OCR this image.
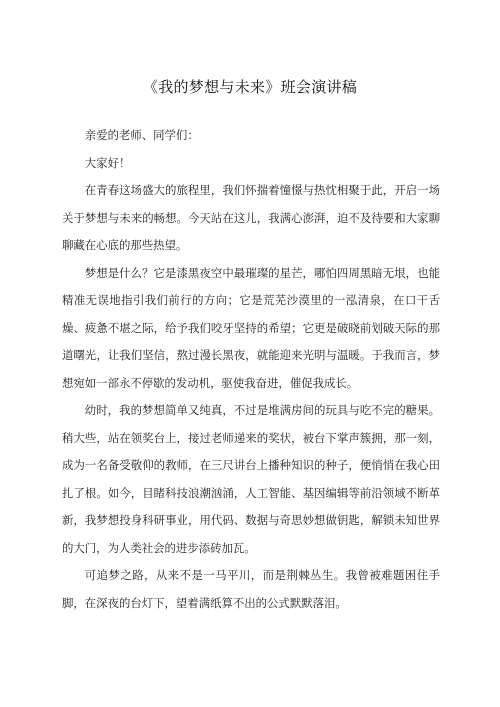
《我的梦想与未来》班会演讲稿

亲爱的老师、同学们：

大家好！

在青春这场盛大的旅程里，我们怀揣着憧憬与热忱相聚于此，开启一场关于梦想与未来的畅想。今天站在这儿，我满心澎湃，迫不及待要和大家聊聊藏在心底的那些热望。

梦想是什么？它是漆黑夜空中最璀璨的星芒，哪怕四周黑暗无垠，也能精准无误地指引我们前行的方向；它是荒芜沙漠里的一泓清泉，在口干舌燥、疲惫不堪之际，给予我们咬牙坚持的希望；它更是破晓前划破天际的那道曙光，让我们坚信，熬过漫长黑夜，就能迎来光明与温暖。于我而言，梦想宛如一部永不停歇的发动机，驱使我奋进，催促我成长。

幼时，我的梦想简单又纯真，不过是堆满房间的玩具与吃不完的糖果。稍大些，站在领奖台上，接过老师递来的奖状，被台下掌声簇拥，那一刻，成为一名备受敬仰的教师，在三尺讲台上播种知识的种子，便悄悄在我心田扎了根。如今，目睹科技浪潮汹涌，人工智能、基因编辑等前沿领域不断革新，我梦想投身科研事业，用代码、数据与奇思妙想做钥匙，解锁未知世界的大门，为人类社会的进步添砖加瓦。

可追梦之路，从来不是一马平川，而是荆棘丛生。我曾被难题困住手脚，在深夜的台灯下，望着满纸算不出的公式默默落泪。
